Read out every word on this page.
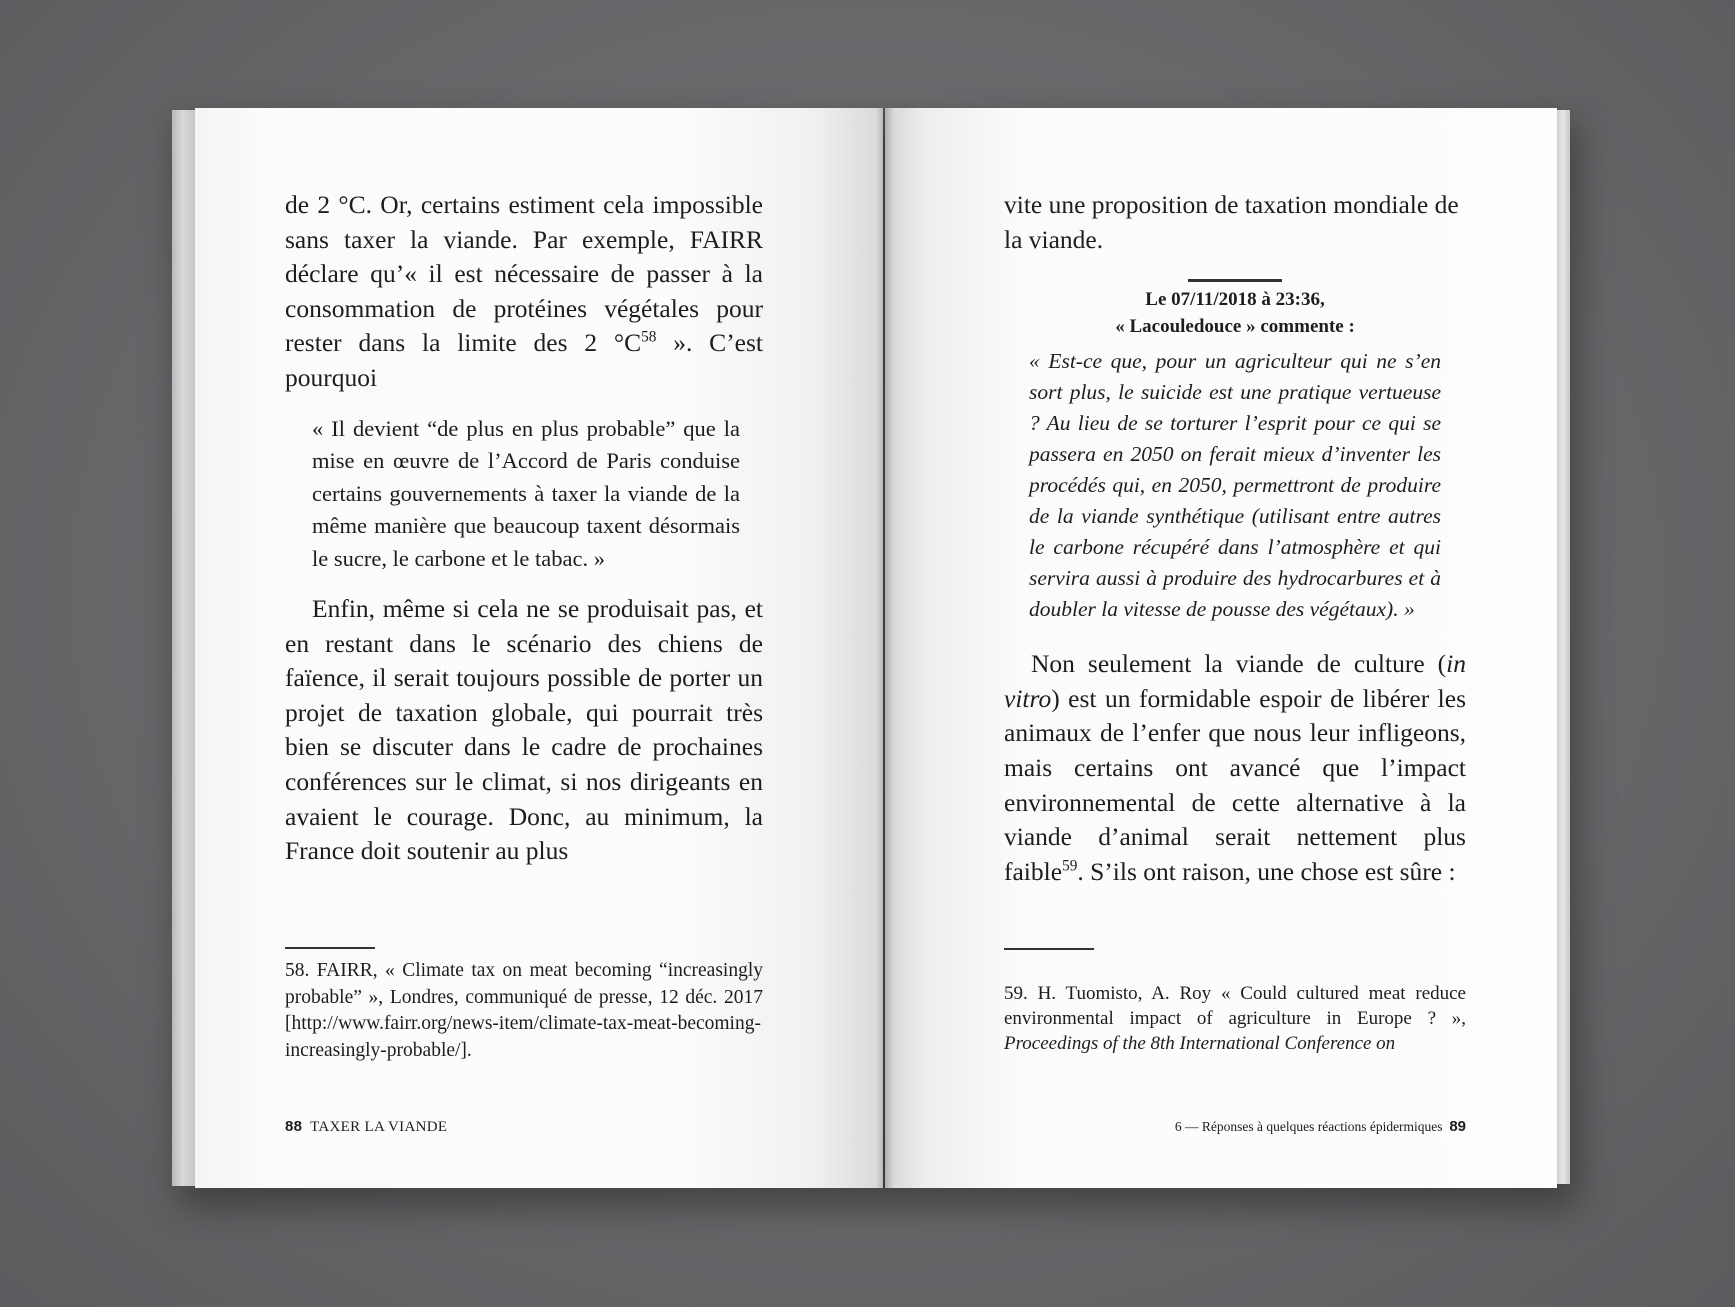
de 2 °C. Or, certains estiment cela impossible sans taxer la viande. Par exemple, FAIRR déclare qu’« il est nécessaire de passer à la consommation de protéines végétales pour rester dans la limite des 2 $^\circ C^{58}$ ». C’est pourquoi

« Il devient “de plus en plus probable” que la mise en œuvre de l’Accord de Paris conduise certains gouvernements à taxer la viande de la même manière que beaucoup taxent désormais le sucre, le carbone et le tabac. »

Enfin, même si cela ne se produisait pas, et en restant dans le scénario des chiens de faïence, il serait toujours possible de porter un projet de taxation globale, qui pourrait très bien se discuter dans le cadre de prochaines conférences sur le climat, si nos dirigeants en avaient le courage. Donc, au minimum, la France doit soutenir au plus

58. FAIRR, « Climate tax on meat becoming “increasingly probable” », Londres, communiqué de presse, 12 déc. 2017 [http://www.fairr.org/news-item/climate-tax-meat-becoming-increasingly-probable/].

88 TAXER LA VIANDE

vite une proposition de taxation mondiale de la viande.

Le 07/11/2018 à 23:36,
« Lacouledouce » commente :

« Est-ce que, pour un agriculteur qui ne s’en sort plus, le suicide est une pratique vertueuse ? Au lieu de se torturer l’esprit pour ce qui se passera en 2050 on ferait mieux d’inventer les procédés qui, en 2050, permettront de produire de la viande synthétique (utilisant entre autres le carbone récupéré dans l’atmosphère et qui servira aussi à produire des hydrocarbures et à doubler la vitesse de pousse des végétaux). »

Non seulement la viande de culture (in vitro) est un formidable espoir de libérer les animaux de l’enfer que nous leur infligeons, mais certains ont avancé que l’impact environnemental de cette alternative à la viande d’animal serait nettement plus faible$^{59}$. S’ils ont raison, une chose est sûre :

59. H. Tuomisto, A. Roy « Could cultured meat reduce environmental impact of agriculture in Europe ? », Proceedings of the 8th International Conference on

6 — Réponses à quelques réactions épidermiques 89
